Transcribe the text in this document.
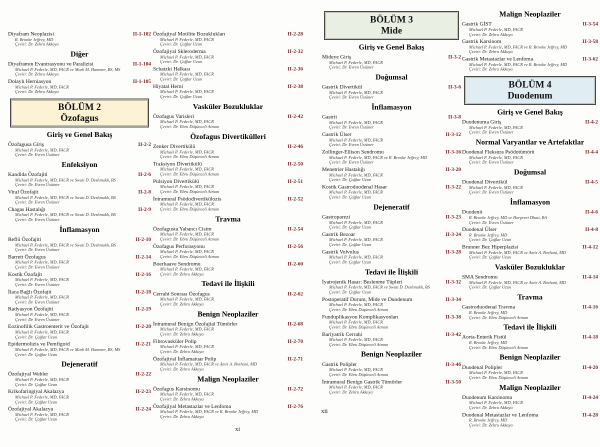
Diyafram Neoplazisi	II-1-102
R. Brooke Jeffrey, MD
Çeviri: Dr. Zehra Akkaya
Diğer
Diyaframın Evantrasyonu ve Paralizisi	II-1-104
Michael P. Federle, MD, FACR ve Mark M. Hammer, BS, MS
Çeviri: Dr. Zehra Akkaya
Dolaylı Herniasyon	II-1-105
Michael P. Federle, MD, FACR
Çeviri: Dr. Zehra Akkaya
BÖLÜM 2
Özofagus
Giriş ve Genel Bakış
Özofagusa Giriş	II-2-2
Michael P. Federle, MD, FACR
Çeviri: Dr. Evren Üstüner
Enfeksiyon
Kandida Özofajiti	II-2-6
Michael P. Federle, MD, FACR ve Swati D. Deshmukh, BS
Çeviri: Dr. Evren Üstüner
Viral Özofajit	II-2-8
Michael P. Federle, MD, FACR ve Swati D. Deshmukh, BS
Çeviri: Dr. Evren Üstüner
Chagas Hastalığı	II-2-9
Michael P. Federle, MD, FACR ve Swati D. Deshmukh, BS
Çeviri: Dr. Evren Üstüner
İnflamasyon
Reflü Özofajiti	II-2-10
Michael P. Federle, MD, FACR ve Swati D. Deshmukh, BS
Çeviri: Dr. Evren Üstüner
Barrett Özofagus	II-2-14
Michael P. Federle, MD, FACR
Çeviri: Dr. Evren Üstüner
Kostik Özofajit	II-2-16
Michael P. Federle, MD, FACR
Çeviri: Dr. Evren Üstüner
İlaca Bağlı Özofajit	II-2-18
Michael P. Federle, MD, FACR
Çeviri: Dr. Evren Üstüner
Radyasyon Özofajiti	II-2-19
Michael P. Federle, MD, FACR
Çeviri: Dr. Evren Üstüner
Eozinofilik Gastroenterit ve Özofajit	II-2-20
Michael P. Federle, MD, FACR
Çeviri: Dr. Çağlar Uzun
Epidermolizis ve Pemfigoid	II-2-21
Michael P. Federle, MD, FACR ve Mark M. Hammer, BS, MS
Çeviri: Dr. Çağlar Uzun
Dejeneratif
Özofajiyal Webler	II-2-22
Michael P. Federle, MD, FACR
Çeviri: Dr. Çağlar Uzun
Krikofaringiyal Akalazya	II-2-23
Michael P. Federle, MD, FACR
Çeviri: Dr. Çağlar Uzun
Özofajiyal Akalazya	II-2-24
Michael P. Federle, MD, FACR
Çeviri: Dr. Çağlar Uzun
Özofajiyal Motilite Bozuklukları	II-2-28
Michael P. Federle, MD, FACR
Çeviri: Dr. Çağlar Uzun
Özofajiyal Skleroderma	II-2-32
Michael P. Federle, MD, FACR
Çeviri: Dr. Çağlar Uzun
Schatzki Halkası	II-2-36
Michael P. Federle, MD, FACR
Çeviri: Dr. Çağlar Uzun
Hiyatal Herni	II-2-38
Michael P. Federle, MD, FACR
Çeviri: Dr. Çağlar Uzun
Vasküler Bozukluklar
Özofagus Varisleri	II-2-42
Michael P. Federle, MD, FACR
Çeviri: Dr. Ebru Düşünceli Atman
Özofagus Divertikülleri
Zenker Divertikülü	II-2-46
Michael P. Federle, MD, FACR
Çeviri: Dr. Ebru Düşünceli Atman
Traksiyon Divertikülü	II-2-50
Michael P. Federle, MD, FACR
Çeviri: Dr. Ebru Düşünceli Atman
Pulsiyon Divertikülü	II-2-51
Michael P. Federle, MD, FACR
Çeviri: Dr. Ebru Düşünceli Atman
İntramural Psödodivertikülozis	II-2-52
Michael P. Federle, MD, FACR
Çeviri: Dr. Ebru Düşünceli Atman
Travma
Özofagusta Yabancı Cisim	II-2-54
Michael P. Federle, MD, FACR
Çeviri: Dr. Ebru Düşünceli Atman
Özofagus Perforasyonu	II-2-56
Michael P. Federle, MD, FACR
Çeviri: Dr. Ebru Düşünceli Atman
Boerhaave Sendromu	II-2-60
Michael P. Federle, MD, FACR
Çeviri: Dr. Zehra Akkaya
Tedavi ile İlişkili
Cerrahi Sonrası Özofagus	II-2-62
Michael P. Federle, MD, FACR
Çeviri: Dr. Zehra Akkaya
Benign Neoplaziler
İntramural Benign Özofajial Tümörler	II-2-68
Michael P. Federle, MD, FACR
Çeviri: Dr. Zehra Akkaya
Fibrovasküler Polip	II-2-70
Michael P. Federle, MD, FACR
Çeviri: Dr. Zehra Akkaya
Özofajiyal İnflamatuar Polip	II-2-71
Michael P. Federle, MD, FACR ve Amir A. Borhani, MD
Çeviri: Dr. Zehra Akkaya
Malign Neoplaziler
Özofagus Karsinomu	II-2-72
Michael P. Federle, MD, FACR
Çeviri: Dr. Zehra Akkaya
Özofajiyal Metastazlar ve Lenfoma	II-2-76
Michael P. Federle, MD, FACR ve R. Brooke Jeffrey, MD
Çeviri: Dr. Zehra Akkaya
xi
BÖLÜM 3
Mide
Giriş ve Genel Bakış
Mideye Giriş	II-3-2
Michael P. Federle, MD, FACR
Çeviri: Dr. Evren Üstüner
Doğumsal
Gastrik Divertikül	II-3-6
Michael P. Federle, MD, FACR
Çeviri: Dr. Evren Üstüner
İnflamasyon
Gastrit	II-3-8
Michael P. Federle, MD, FACR
Çeviri: Dr. Evren Üstüner
Gastrik Ülser	II-3-12
Michael P. Federle, MD, FACR
Çeviri: Dr. Evren Üstüner
Zollinger-Ellison Sendromu	II-3-16
Michael P. Federle, MD, FACR ve R. Brooke Jeffrey, MD
Çeviri: Dr. Evren Üstüner
Menetrier Hastalığı	II-3-20
Michael P. Federle, MD, FACR
Çeviri: Dr. Çağlar Uzun
Kostik Gastroduodenal Hasar	II-3-22
Michael P. Federle, MD, FACR
Çeviri: Dr. Çağlar Uzun
Dejeneratif
Gastroparezi	II-3-23
Michael P. Federle, MD, FACR
Çeviri: Dr. Çağlar Uzun
Gastrik Bezoar	II-3-24
Michael P. Federle, MD, FACR
Çeviri: Dr. Çağlar Uzun
Gastrik Volvulus	II-3-28
Michael P. Federle, MD, FACR
Çeviri: Dr. Çağlar Uzun
Tedavi ile İlişkili
İyatrojenik Hasar: Beslenme Tüpleri	II-3-32
Michael P. Federle, MD, FACR ve Swati D. Deshmukh, BS
Çeviri: Dr. Çağlar Uzun
Postoperatif Durum, Mide ve Duodenum	II-3-34
Michael P. Federle, MD, FACR
Çeviri: Dr. Ebru Düşünceli Atman
Funduplikasyon Komplikasyonları	II-3-38
Michael P. Federle, MD, FACR
Çeviri: Dr. Ebru Düşünceli Atman
Bariyatrik Cerrahi	II-3-42
Michael P. Federle, MD, FACR
Çeviri: Dr. Ebru Düşünceli Atman
Benign Neoplaziler
Gastrik Polipler	II-3-46
Michael P. Federle, MD, FACR
Çeviri: Dr. Ebru Düşünceli Atman
İntramural Benign Gastrik Tümörler	II-3-50
Michael P. Federle, MD, FACR
Çeviri: Dr. Zehra Akkaya
Malign Neoplaziler
Gastrik GİST	II-3-54
Michael P. Federle, MD, FACR
Çeviri: Dr. Zehra Akkaya
Gastrik Karsinom	II-3-58
Michael P. Federle, MD, FACR ve R. Brooke Jeffrey, MD
Çeviri: Dr. Zehra Akkaya
Gastrik Metastazlar ve Lenfoma	II-3-62
Michael P. Federle, MD, FACR ve R. Brooke Jeffrey, MD
Çeviri: Dr. Zehra Akkaya
BÖLÜM 4
Duodenum
Giriş ve Genel Bakış
Duodenuma Giriş	II-4-2
Michael P. Federle, MD, FACR
Çeviri: Dr. Evren Üstüner
Normal Varyantlar ve Artefaktlar
Duodenal Fleksura Psödotümörü	II-4-4
Michael P. Federle, MD, FACR
Çeviri: Dr. Evren Üstüner
Doğumsal
Duodenal Divertikül	II-4-5
Michael P. Federle, MD, FACR
Çeviri: Dr. Evren Üstüner
İnflamasyon
Duodenit	II-4-6
R. Brooke Jeffrey, MD ve Harpreet Dhatt, BA
Çeviri: Dr. Evren Üstüner
Duodenal Ülser	II-4-8
R. Brooke Jeffrey, MD
Çeviri: Dr. Çağlar Uzun
Brunner Bez Hiperplazisi	II-4-12
Michael P. Federle, MD, FACR ve Amir A. Borhani, MD
Çeviri: Dr. Çağlar Uzun
Vasküler Bozukluklar
SMA Sendromu	II-4-14
Michael P. Federle, MD, FACR ve Amir A. Borhani, MD
Çeviri: Dr. Çağlar Uzun
Travma
Gastroduodenal Travma	II-4-16
R. Brooke Jeffrey, MD
Çeviri: Dr. Ebru Düşünceli Atman
Tedavi ile İlişkili
Aorta-Enterik Fistül	II-4-18
R. Brooke Jeffrey, MD
Çeviri: Dr. Ebru Düşünceli Atman
Benign Neoplaziler
Duodenal Polipler	II-4-20
Michael P. Federle, MD, FACR
Çeviri: Dr. Ebru Düşünceli Atman
Malign Neoplaziler
Duodenum Karsinomu	II-4-24
Michael P. Federle, MD, FACR
Çeviri: Dr. Zehra Akkaya
Duodenal Metastazlar ve Lenfoma	II-4-28
R. Brooke Jeffrey, MD
Çeviri: Dr. Zehra Akkaya
xii
